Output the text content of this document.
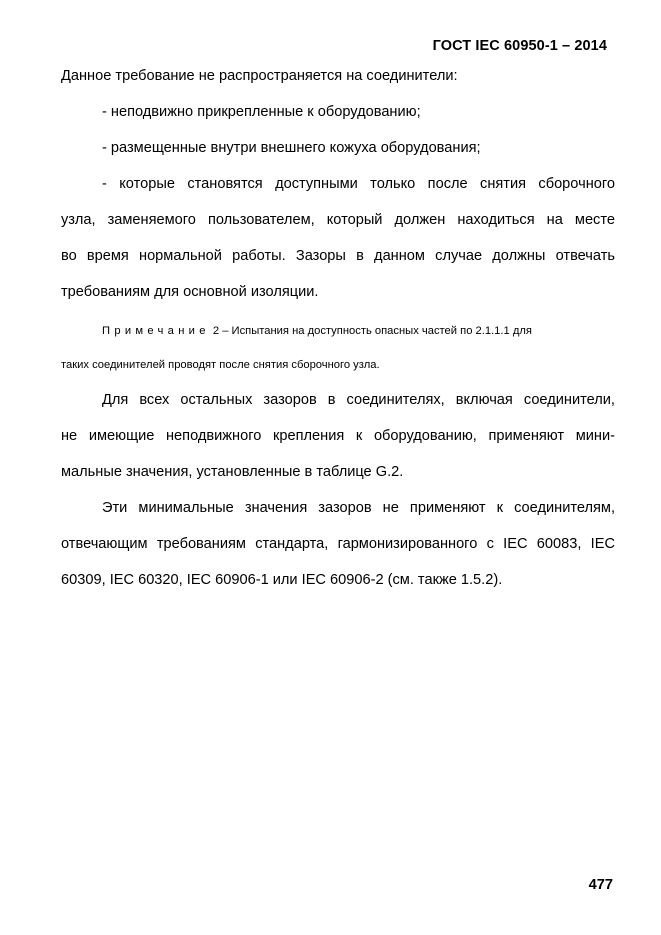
ГОСТ IEC 60950-1 – 2014

Данное требование не распространяется на соединители:

- неподвижно прикрепленные к оборудованию;

- размещенные внутри внешнего кожуха оборудования;

- которые становятся доступными только после снятия сборочного

узла, заменяемого пользователем, который должен находиться на месте

во время нормальной работы. Зазоры в данном случае должны отвечать

требованиям для основной изоляции.

Примечание 2 – Испытания на доступность опасных частей по 2.1.1.1 для

таких соединителей проводят после снятия сборочного узла.

Для всех остальных зазоров в соединителях, включая соединители,

не имеющие неподвижного крепления к оборудованию, применяют мини-

мальные значения, установленные в таблице G.2.

Эти минимальные значения зазоров не применяют к соединителям,

отвечающим требованиям стандарта, гармонизированного с IEC 60083, IEC

60309, IEC 60320, IEC 60906-1 или IEC 60906-2 (см. также 1.5.2).

477
